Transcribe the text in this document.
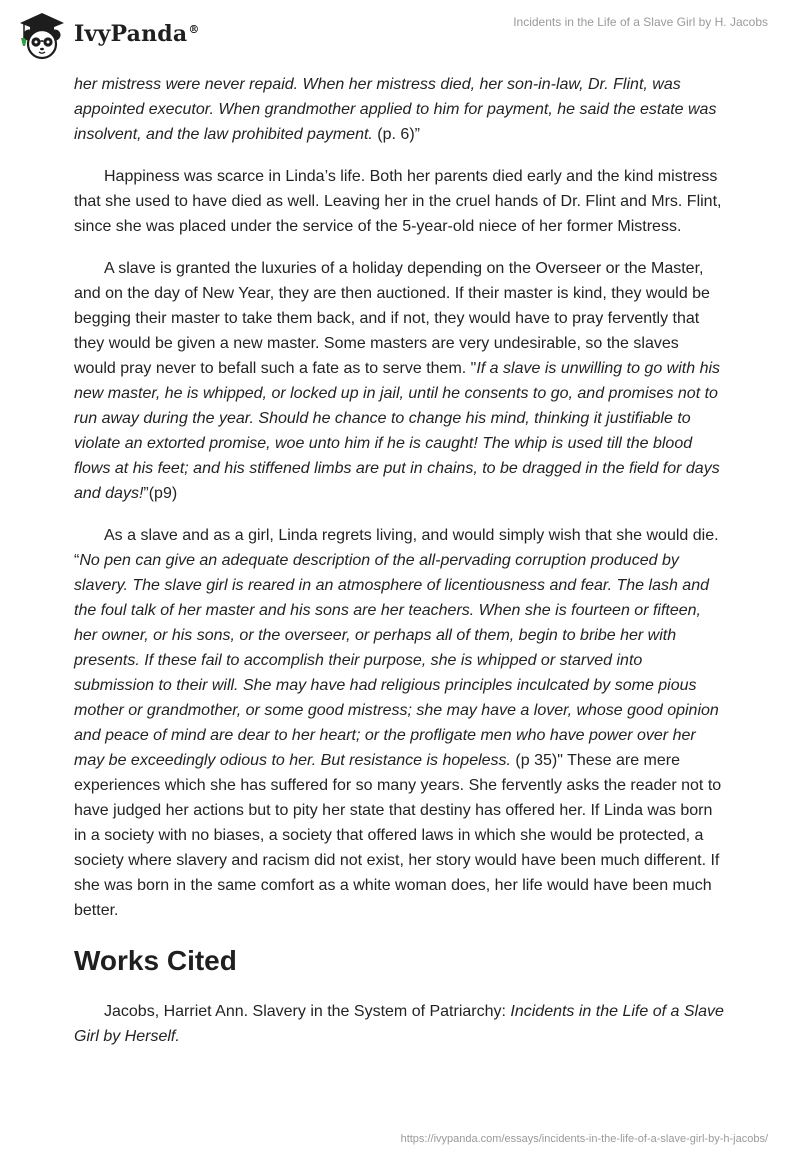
IvyPanda®
Incidents in the Life of a Slave Girl by H. Jacobs

her mistress were never repaid. When her mistress died, her son-in-law, Dr. Flint, was appointed executor. When grandmother applied to him for payment, he said the estate was insolvent, and the law prohibited payment. (p. 6)”

Happiness was scarce in Linda’s life. Both her parents died early and the kind mistress that she used to have died as well. Leaving her in the cruel hands of Dr. Flint and Mrs. Flint, since she was placed under the service of the 5-year-old niece of her former Mistress.

A slave is granted the luxuries of a holiday depending on the Overseer or the Master, and on the day of New Year, they are then auctioned. If their master is kind, they would be begging their master to take them back, and if not, they would have to pray fervently that they would be given a new master. Some masters are very undesirable, so the slaves would pray never to befall such a fate as to serve them. "If a slave is unwilling to go with his new master, he is whipped, or locked up in jail, until he consents to go, and promises not to run away during the year. Should he chance to change his mind, thinking it justifiable to violate an extorted promise, woe unto him if he is caught! The whip is used till the blood flows at his feet; and his stiffened limbs are put in chains, to be dragged in the field for days and days!”(p9)

As a slave and as a girl, Linda regrets living, and would simply wish that she would die. “No pen can give an adequate description of the all-pervading corruption produced by slavery. The slave girl is reared in an atmosphere of licentiousness and fear. The lash and the foul talk of her master and his sons are her teachers. When she is fourteen or fifteen, her owner, or his sons, or the overseer, or perhaps all of them, begin to bribe her with presents. If these fail to accomplish their purpose, she is whipped or starved into submission to their will. She may have had religious principles inculcated by some pious mother or grandmother, or some good mistress; she may have a lover, whose good opinion and peace of mind are dear to her heart; or the profligate men who have power over her may be exceedingly odious to her. But resistance is hopeless. (p 35)" These are mere experiences which she has suffered for so many years. She fervently asks the reader not to have judged her actions but to pity her state that destiny has offered her. If Linda was born in a society with no biases, a society that offered laws in which she would be protected, a society where slavery and racism did not exist, her story would have been much different. If she was born in the same comfort as a white woman does, her life would have been much better.

Works Cited

Jacobs, Harriet Ann. Slavery in the System of Patriarchy: Incidents in the Life of a Slave Girl by Herself.

https://ivypanda.com/essays/incidents-in-the-life-of-a-slave-girl-by-h-jacobs/
